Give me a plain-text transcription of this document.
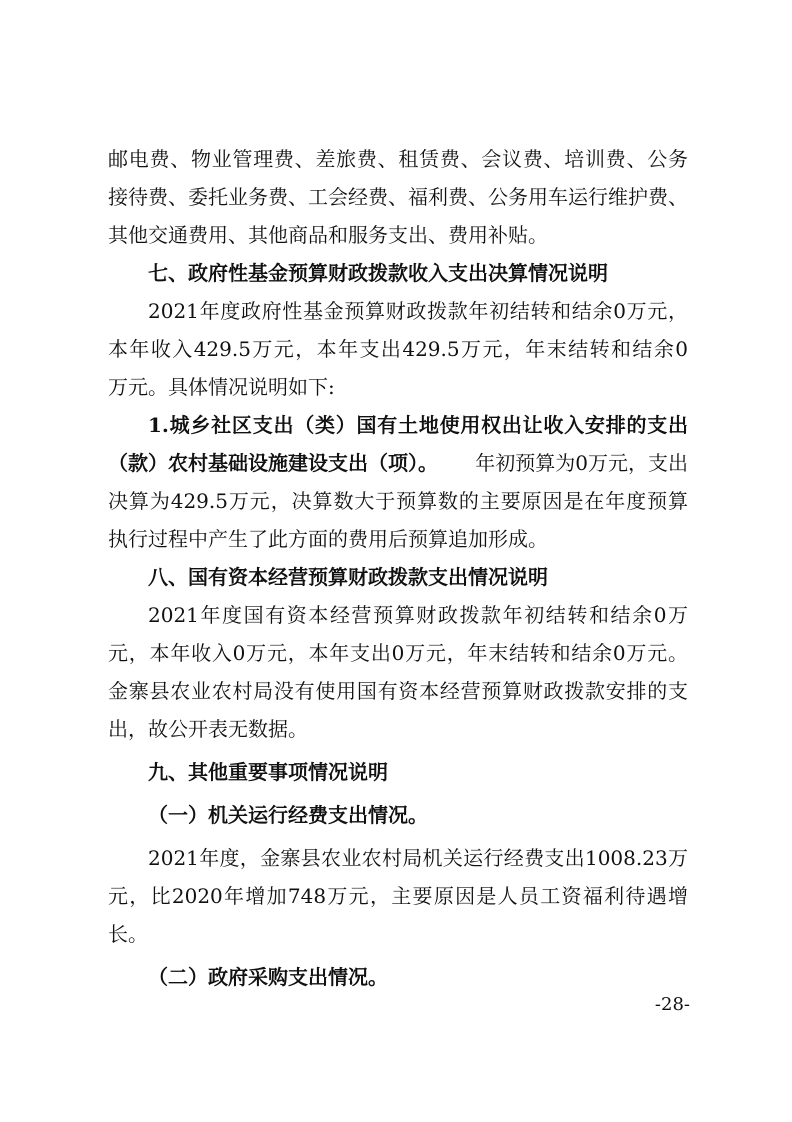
邮电费、物业管理费、差旅费、租赁费、会议费、培训费、公务
接待费、委托业务费、工会经费、福利费、公务用车运行维护费、
其他交通费用、其他商品和服务支出、费用补贴。
七、政府性基金预算财政拨款收入支出决算情况说明
2021年度政府性基金预算财政拨款年初结转和结余0万元，
本年收入429.5万元，本年支出429.5万元，年末结转和结余0
万元。具体情况说明如下:
1.城乡社区支出（类）国有土地使用权出让收入安排的支出
（款）农村基础设施建设支出（项）。 年初预算为0万元，支出
决算为429.5万元，决算数大于预算数的主要原因是在年度预算
执行过程中产生了此方面的费用后预算追加形成。
八、国有资本经营预算财政拨款支出情况说明
2021年度国有资本经营预算财政拨款年初结转和结余0万
元，本年收入0万元，本年支出0万元，年末结转和结余0万元。
金寨县农业农村局没有使用国有资本经营预算财政拨款安排的支
出，故公开表无数据。
九、其他重要事项情况说明
（一）机关运行经费支出情况。
2021年度，金寨县农业农村局机关运行经费支出1008.23万
元，比2020年增加748万元，主要原因是人员工资福利待遇增
长。
（二）政府采购支出情况。
-28-
